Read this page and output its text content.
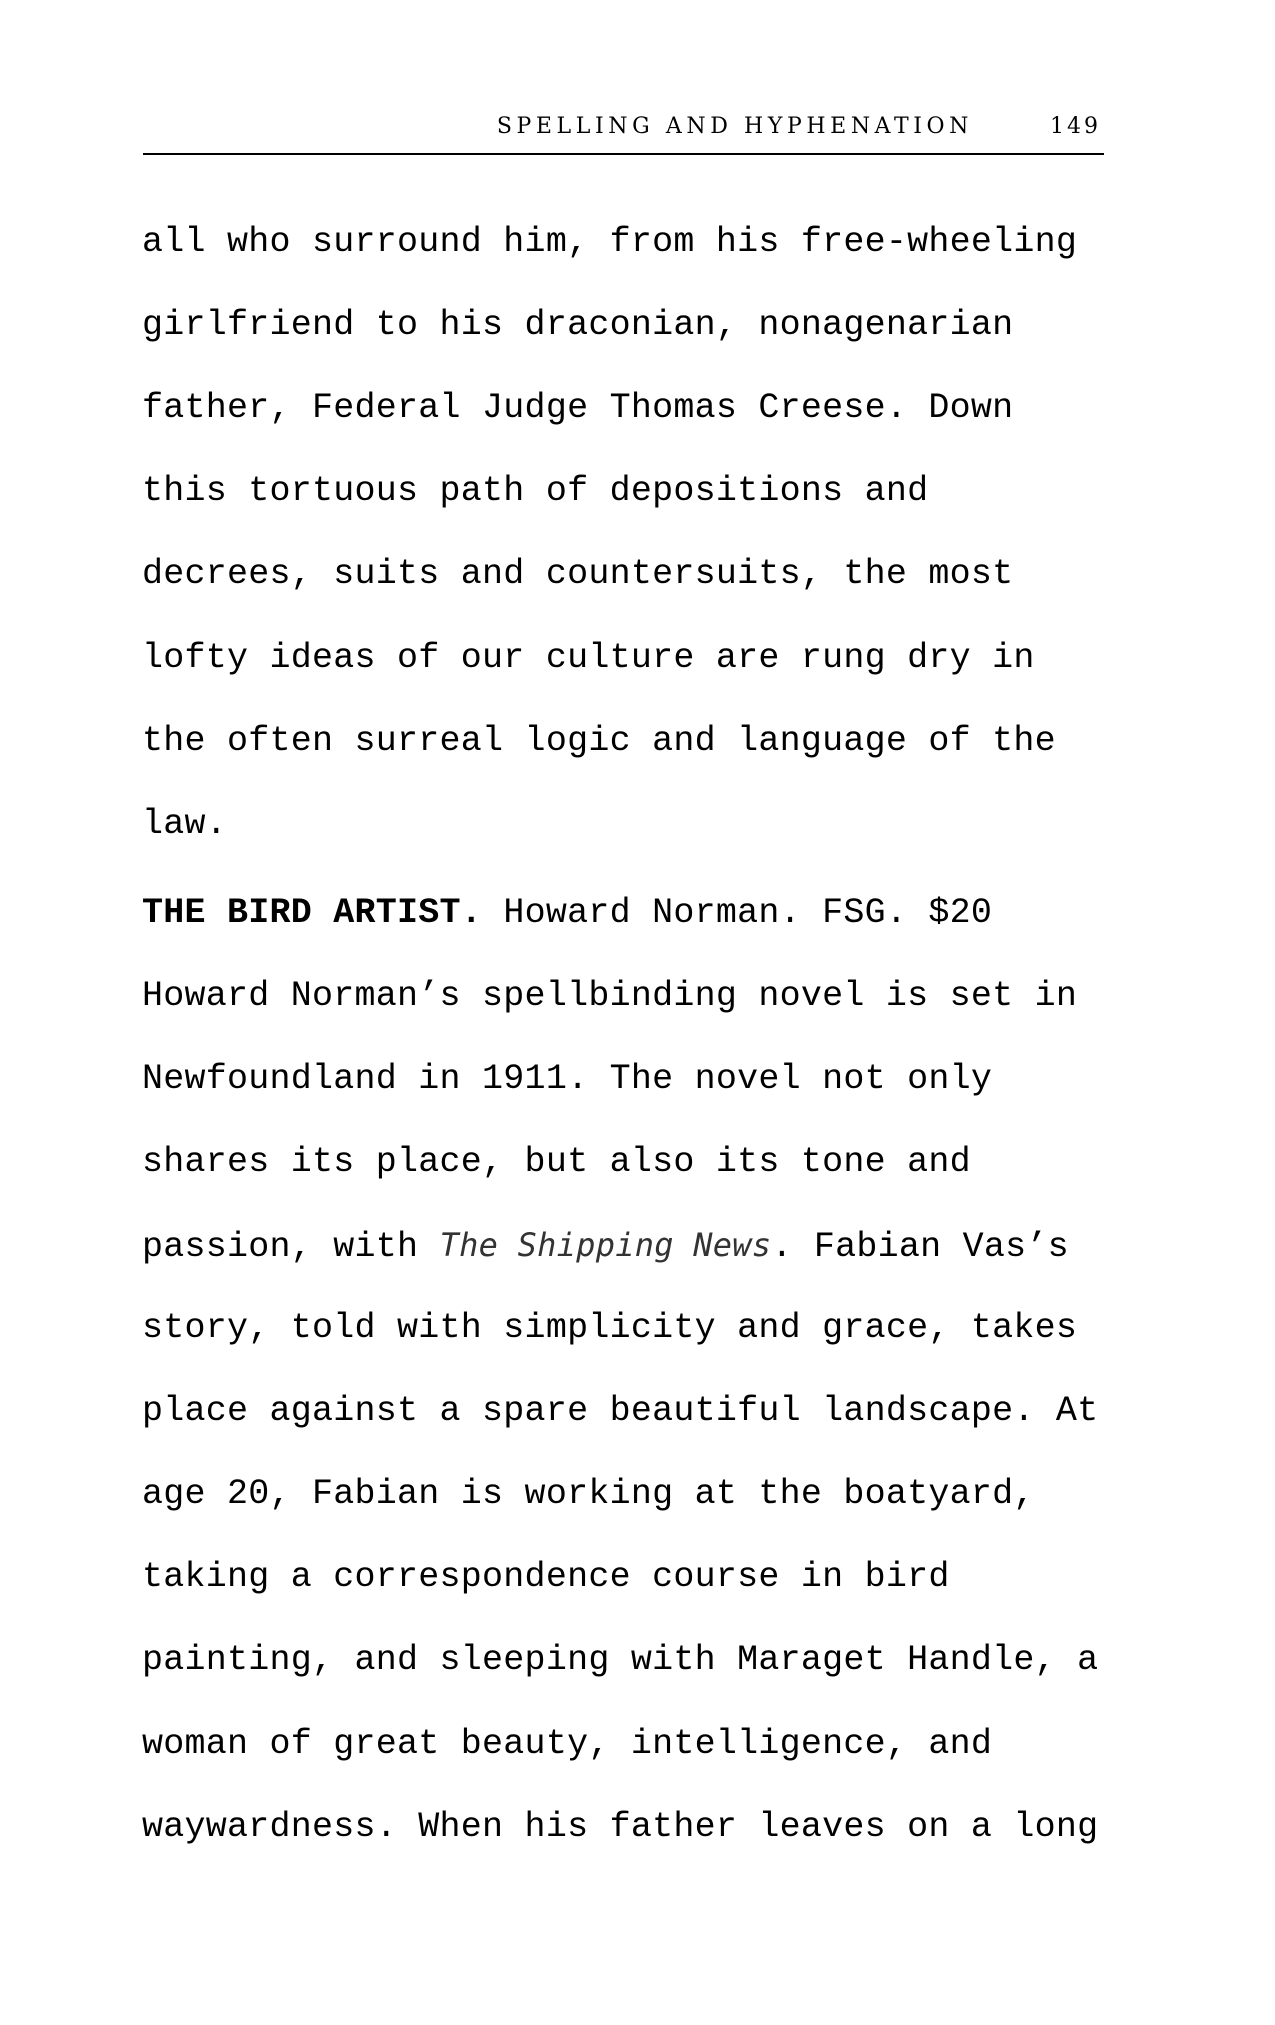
SPELLING AND HYPHENATION	149
all who surround him, from his free-wheeling
girlfriend to his draconian, nonagenarian
father, Federal Judge Thomas Creese. Down
this tortuous path of depositions and
decrees, suits and countersuits, the most
lofty ideas of our culture are rung dry in
the often surreal logic and language of the
law.
THE BIRD ARTIST. Howard Norman. FSG. $20
Howard Norman’s spellbinding novel is set in
Newfoundland in 1911. The novel not only
shares its place, but also its tone and
passion, with The Shipping News. Fabian Vas’s
story, told with simplicity and grace, takes
place against a spare beautiful landscape. At
age 20, Fabian is working at the boatyard,
taking a correspondence course in bird
painting, and sleeping with Maraget Handle, a
woman of great beauty, intelligence, and
waywardness. When his father leaves on a long
